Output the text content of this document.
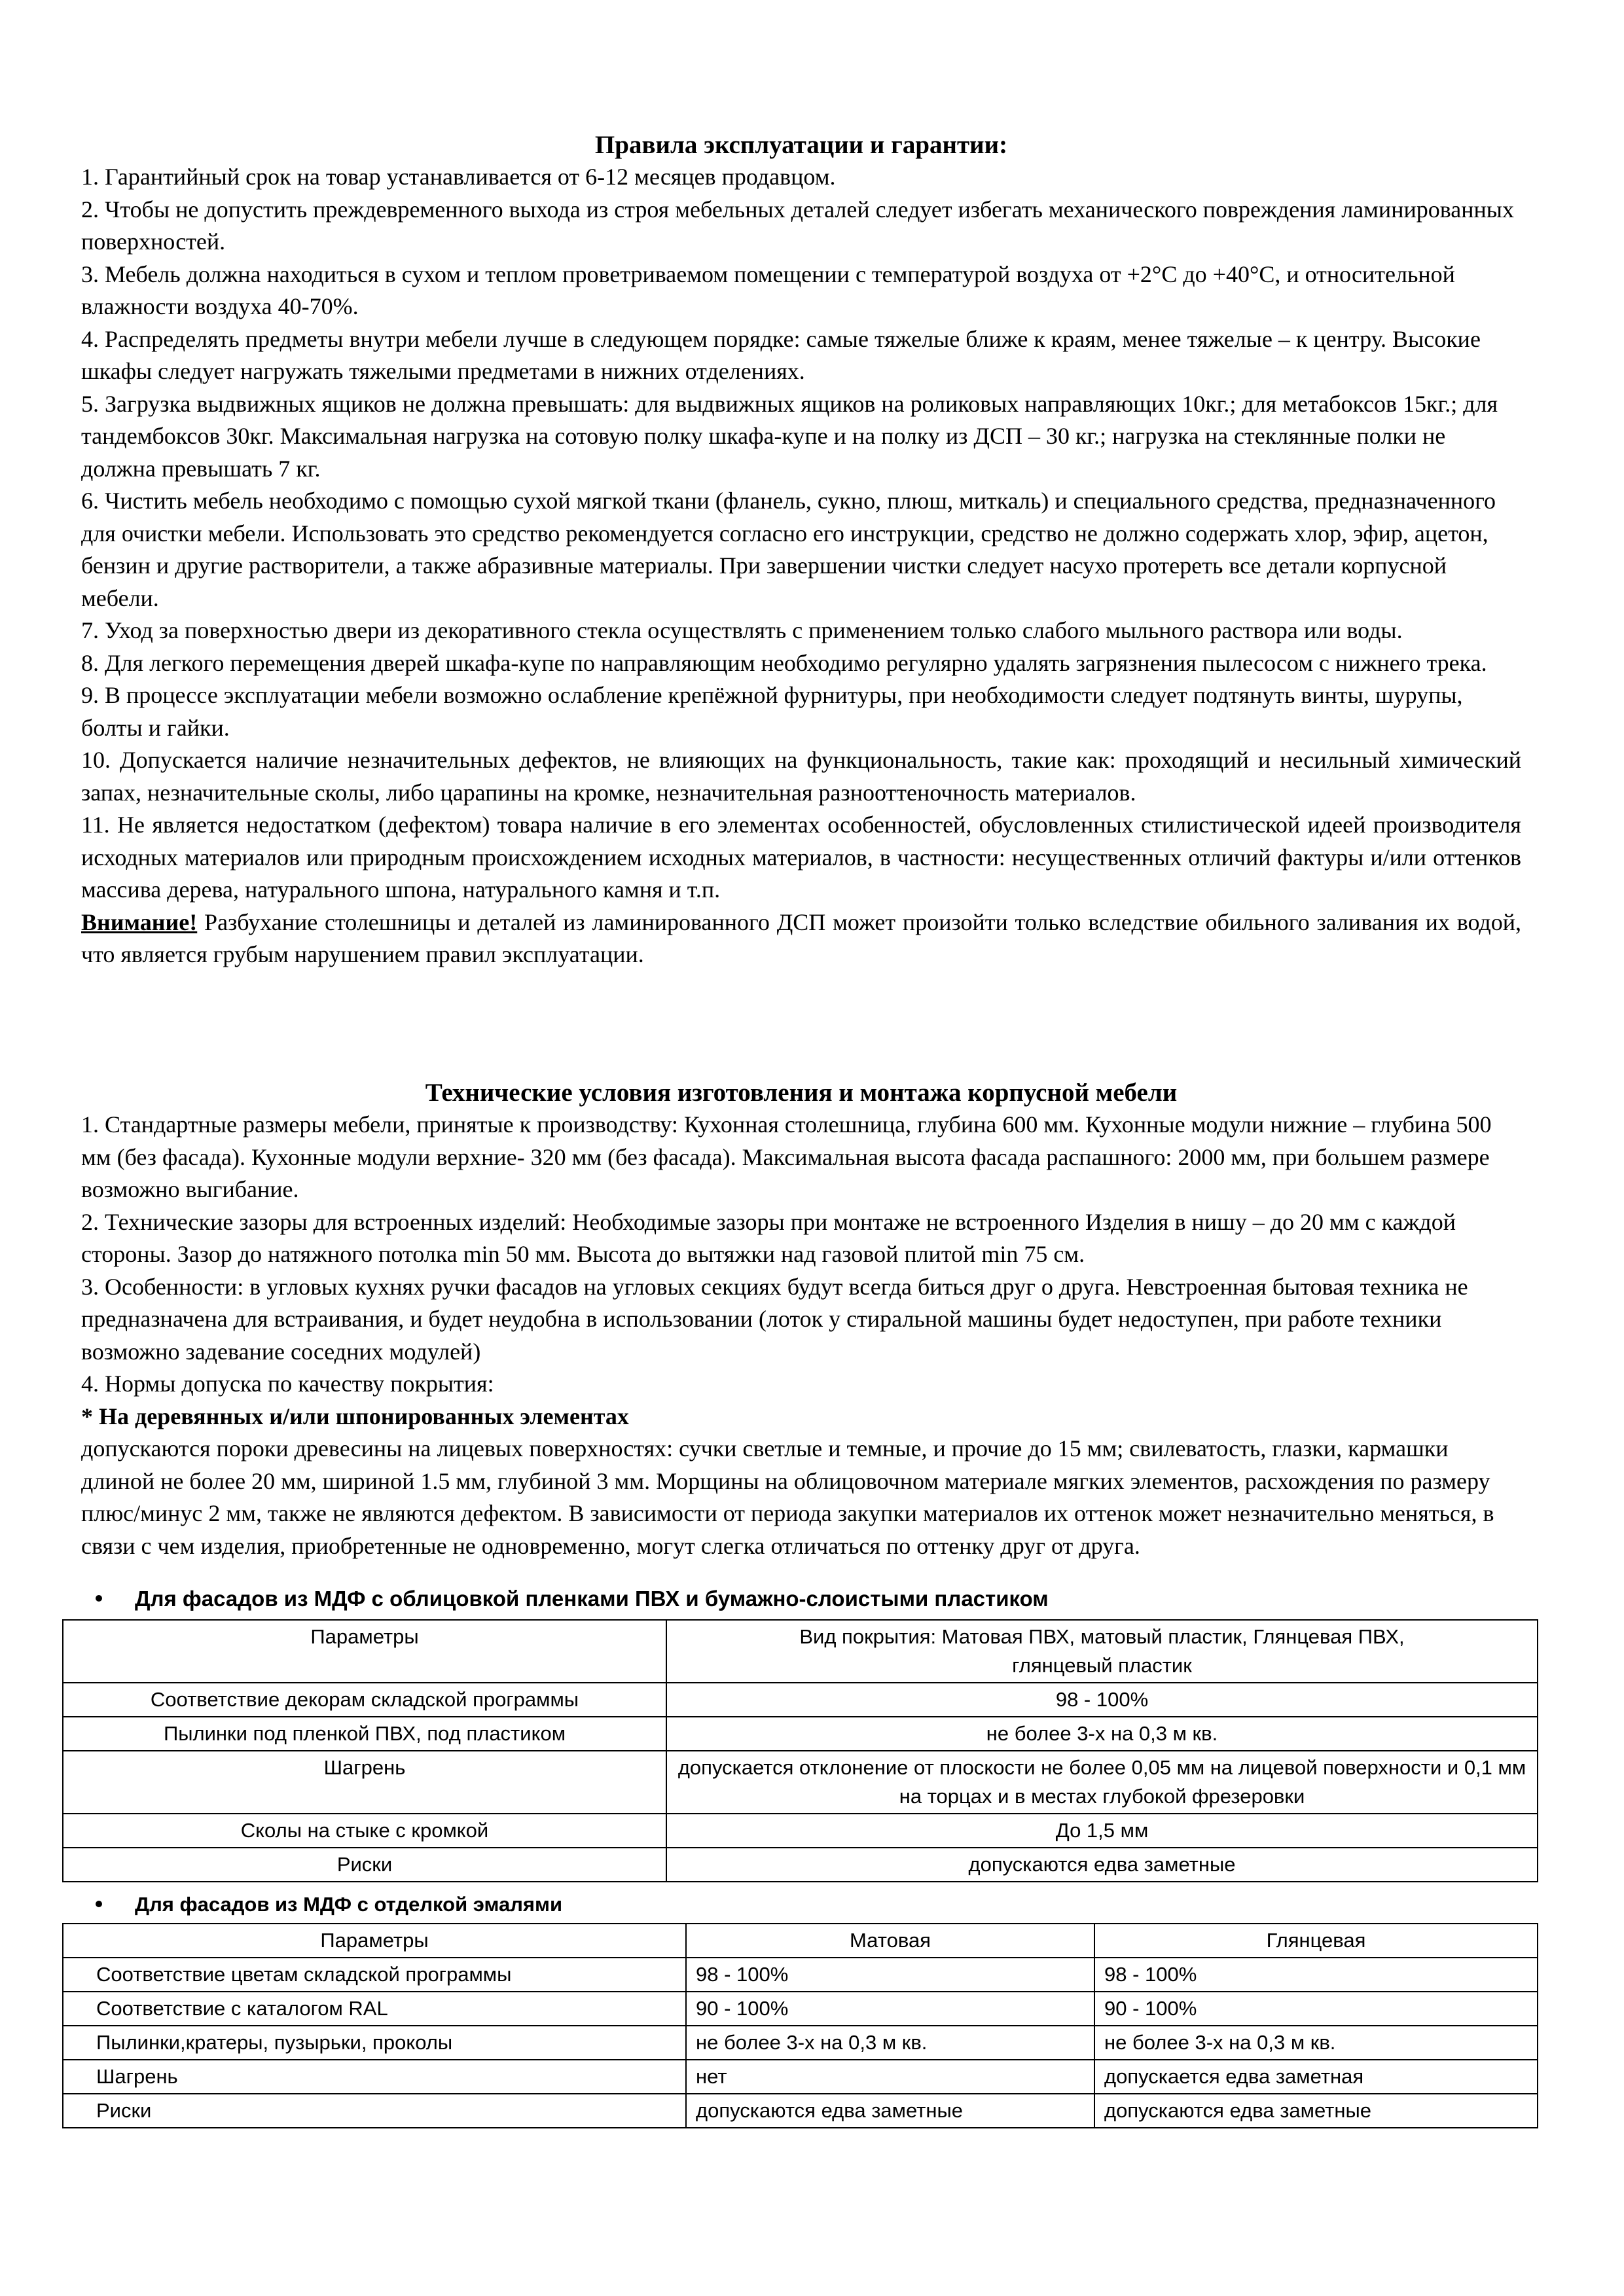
Правила эксплуатации и гарантии:

1. Гарантийный срок на товар устанавливается от 6-12 месяцев продавцом.

2. Чтобы не допустить преждевременного выхода из строя мебельных деталей следует избегать механического повреждения ламинированных поверхностей.

3. Мебель должна находиться в сухом и теплом проветриваемом помещении с температурой воздуха от +2°С до +40°С, и относительной влажности воздуха 40-70%.

4. Распределять предметы внутри мебели лучше в следующем порядке: самые тяжелые ближе к краям, менее тяжелые – к центру. Высокие шкафы следует нагружать тяжелыми предметами в нижних отделениях.

5. Загрузка выдвижных ящиков не должна превышать: для выдвижных ящиков на роликовых направляющих 10кг.; для метабоксов 15кг.; для тандембоксов 30кг. Максимальная нагрузка на сотовую полку шкафа-купе и на полку из ДСП – 30 кг.; нагрузка на стеклянные полки не должна превышать 7 кг.

6. Чистить мебель необходимо с помощью сухой мягкой ткани (фланель, сукно, плюш, миткаль) и специального средства, предназначенного для очистки мебели. Использовать это средство рекомендуется согласно его инструкции, средство не должно содержать хлор, эфир, ацетон, бензин и другие растворители, а также абразивные материалы. При завершении чистки следует насухо протереть все детали корпусной мебели.

7. Уход за поверхностью двери из декоративного стекла осуществлять с применением только слабого мыльного раствора или воды.

8. Для легкого перемещения дверей шкафа-купе по направляющим необходимо регулярно удалять загрязнения пылесосом с нижнего трека.

9. В процессе эксплуатации мебели возможно ослабление крепёжной фурнитуры, при необходимости следует подтянуть винты, шурупы, болты и гайки.

10. Допускается наличие незначительных дефектов, не влияющих на функциональность, такие как: проходящий и несильный химический запах, незначительные сколы, либо царапины на кромке, незначительная разнооттеночность материалов.

11. Не является недостатком (дефектом) товара наличие в его элементах особенностей, обусловленных стилистической идеей производителя исходных материалов или природным происхождением исходных материалов, в частности: несущественных отличий фактуры и/или оттенков массива дерева, натурального шпона, натурального камня и т.п.

Внимание! Разбухание столешницы и деталей из ламинированного ДСП может произойти только вследствие обильного заливания их водой, что является грубым нарушением правил эксплуатации.

Технические условия изготовления и монтажа корпусной мебели

1. Стандартные размеры мебели, принятые к производству: Кухонная столешница, глубина 600 мм. Кухонные модули нижние – глубина 500 мм (без фасада). Кухонные модули верхние- 320 мм (без фасада). Максимальная высота фасада распашного: 2000 мм, при большем размере возможно выгибание.

2. Технические зазоры для встроенных изделий: Необходимые зазоры при монтаже не встроенного Изделия в нишу – до 20 мм с каждой стороны. Зазор до натяжного потолка min 50 мм. Высота до вытяжки над газовой плитой min 75 см.

3. Особенности: в угловых кухнях ручки фасадов на угловых секциях будут всегда биться друг о друга. Невстроенная бытовая техника не предназначена для встраивания, и будет неудобна в использовании (лоток у стиральной машины будет недоступен, при работе техники возможно задевание соседних модулей)

4. Нормы допуска по качеству покрытия:

* На деревянных и/или шпонированных элементах

допускаются пороки древесины на лицевых поверхностях: сучки светлые и темные, и прочие до 15 мм; свилеватость, глазки, кармашки длиной не более 20 мм, шириной 1.5 мм, глубиной 3 мм. Морщины на облицовочном материале мягких элементов, расхождения по размеру плюс/минус 2 мм, также не являются дефектом. В зависимости от периода закупки материалов их оттенок может незначительно меняться, в связи с чем изделия, приобретенные не одновременно, могут слегка отличаться по оттенку друг от друга.

Для фасадов из МДФ с облицовкой пленками ПВХ и бумажно-слоистыми пластиком
Параметры	Вид покрытия: Матовая ПВХ, матовый пластик, Глянцевая ПВХ,
глянцевый пластик

Соответствие декорам складской программы	98 - 100%
Пылинки под пленкой ПВХ, под пластиком	не более 3-х на 0,3 м кв.
Шагрень	допускается отклонение от плоскости не более 0,05 мм на лицевой поверхности и 0,1 мм на торцах и в местах глубокой фрезеровки
Сколы на стыке с кромкой	До 1,5 мм
Риски	допускаются едва заметные
Для фасадов из МДФ с отделкой эмалями
Параметры	Матовая	Глянцевая
Соответствие цветам складской программы	98 - 100%	98 - 100%
Соответствие с каталогом RAL	90 - 100%	90 - 100%
Пылинки,кратеры, пузырьки, проколы	не более 3-х на 0,3 м кв.	не более 3-х на 0,3 м кв.
Шагрень	нет	допускается едва заметная
Риски	допускаются едва заметные	допускаются едва заметные
